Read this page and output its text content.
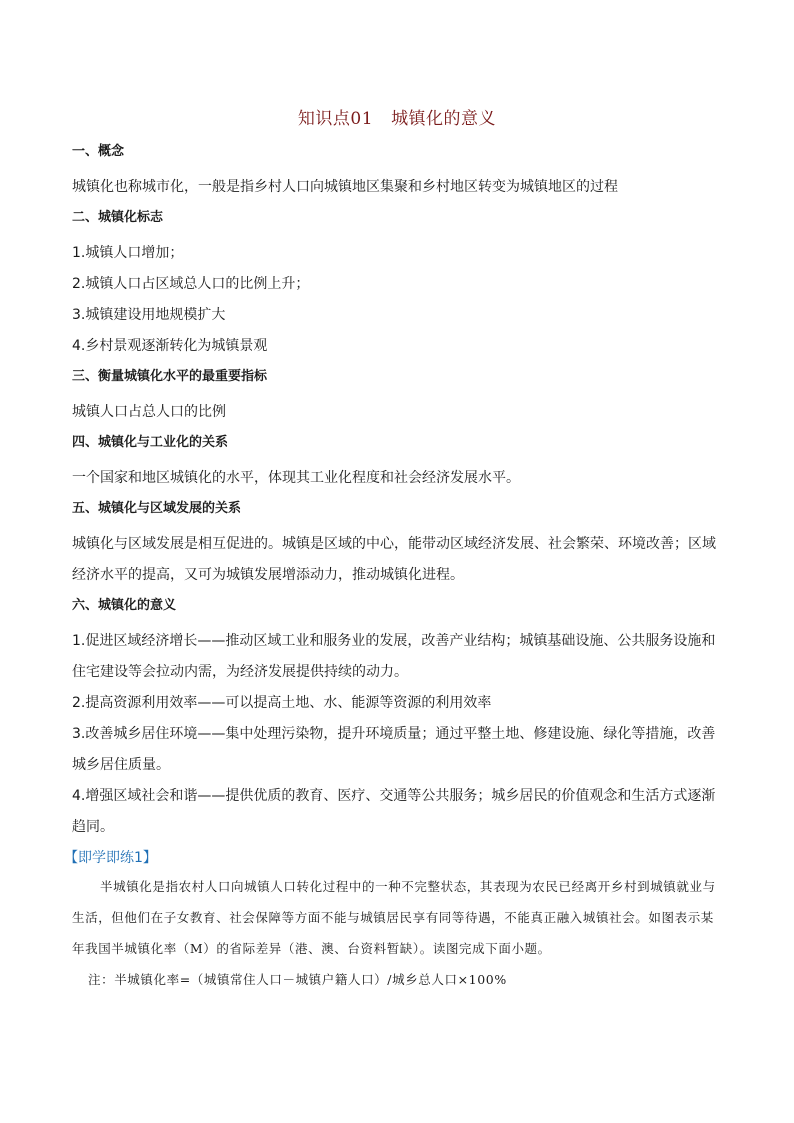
知识点01 城镇化的意义
一、概念

城镇化也称城市化，一般是指乡村人口向城镇地区集聚和乡村地区转变为城镇地区的过程

二、城镇化标志

1.城镇人口增加；

2.城镇人口占区域总人口的比例上升；

3.城镇建设用地规模扩大

4.乡村景观逐渐转化为城镇景观

三、衡量城镇化水平的最重要指标

城镇人口占总人口的比例

四、城镇化与工业化的关系

一个国家和地区城镇化的水平，体现其工业化程度和社会经济发展水平。

五、城镇化与区域发展的关系

城镇化与区域发展是相互促进的。城镇是区域的中心，能带动区域经济发展、社会繁荣、环境改善；区域经济水平的提高，又可为城镇发展增添动力，推动城镇化进程。

六、城镇化的意义

1.促进区域经济增长——推动区域工业和服务业的发展，改善产业结构；城镇基础设施、公共服务设施和住宅建设等会拉动内需，为经济发展提供持续的动力。

2.提高资源利用效率——可以提高土地、水、能源等资源的利用效率

3.改善城乡居住环境——集中处理污染物，提升环境质量；通过平整土地、修建设施、绿化等措施，改善城乡居住质量。

4.增强区域社会和谐——提供优质的教育、医疗、交通等公共服务；城乡居民的价值观念和生活方式逐渐趋同。

【即学即练1】

半城镇化是指农村人口向城镇人口转化过程中的一种不完整状态，其表现为农民已经离开乡村到城镇就业与生活，但他们在子女教育、社会保障等方面不能与城镇居民享有同等待遇，不能真正融入城镇社会。如图表示某年我国半城镇化率（M）的省际差异（港、澳、台资料暂缺）。读图完成下面小题。

注：半城镇化率=（城镇常住人口－城镇户籍人口）/城乡总人口×100%
